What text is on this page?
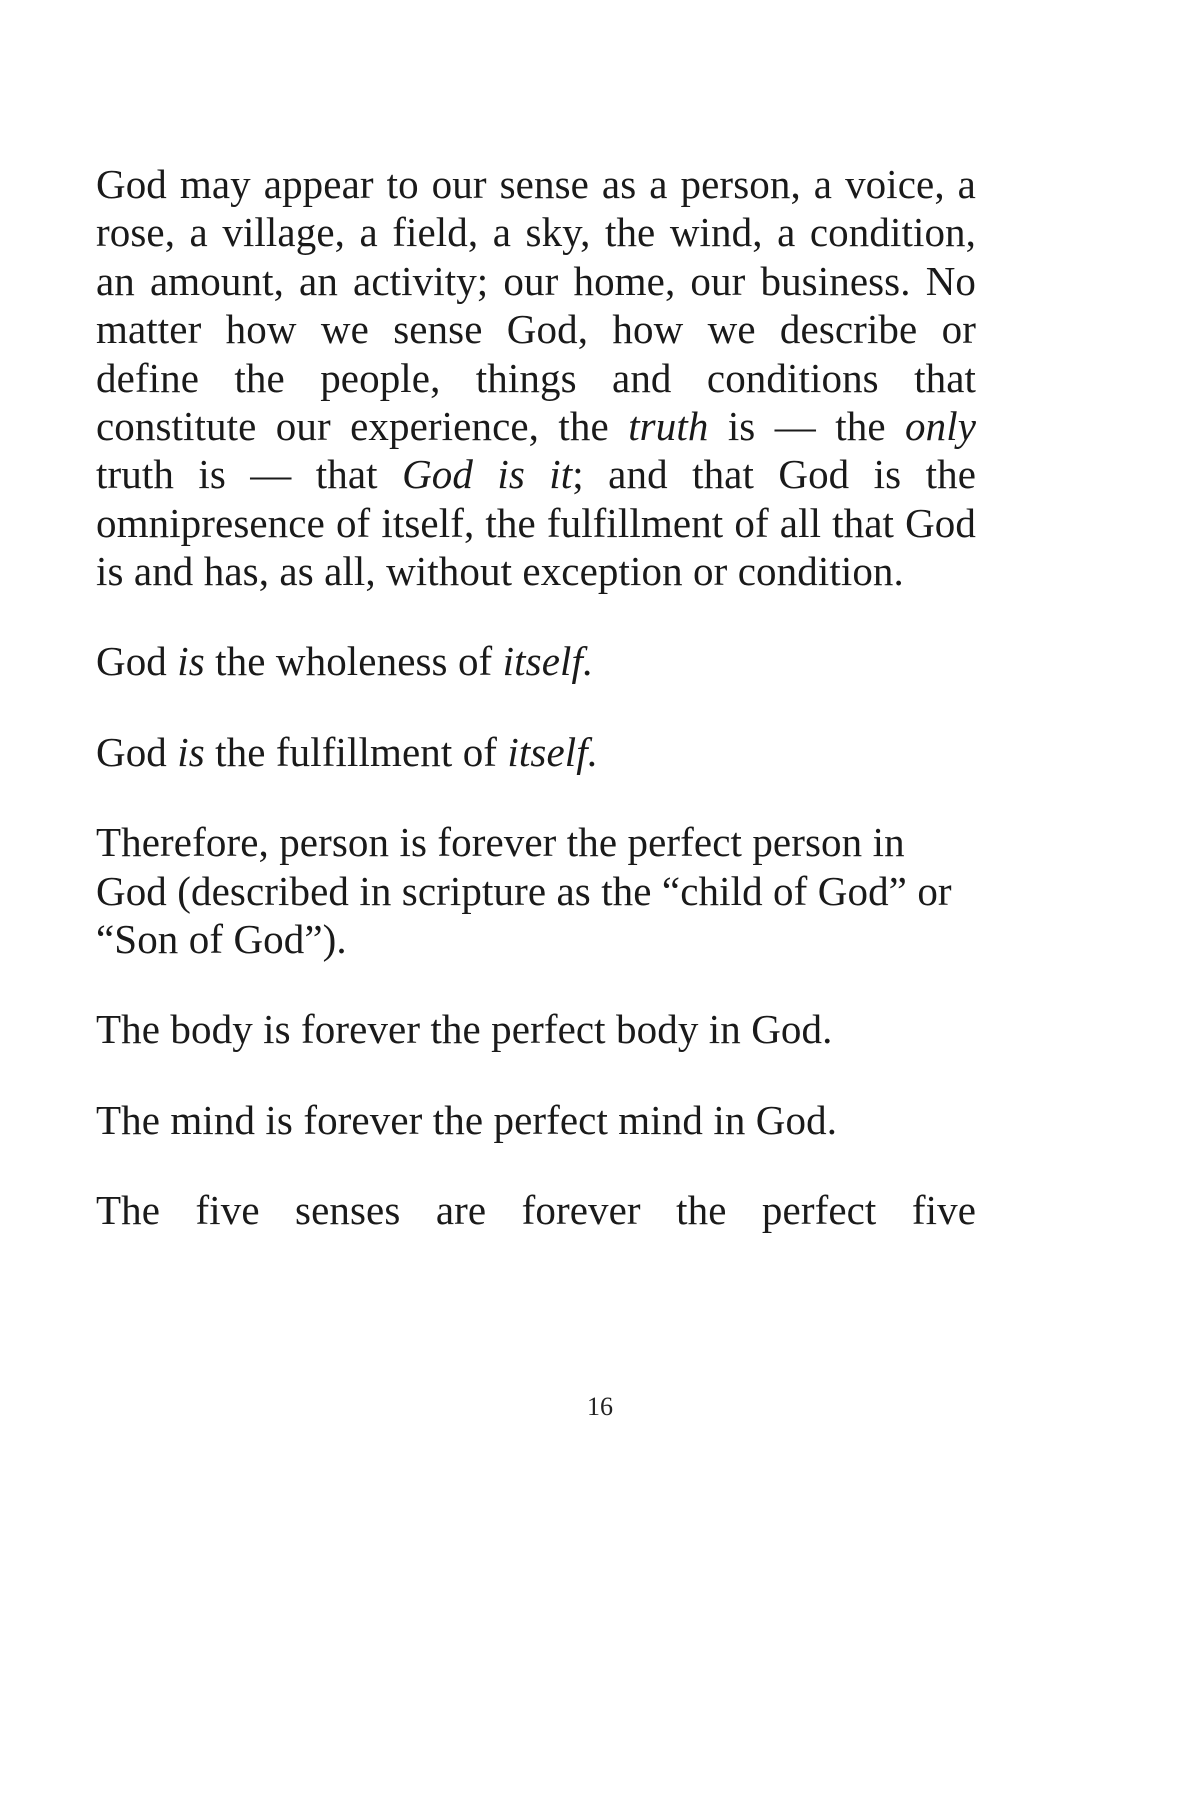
God may appear to our sense as a person, a voice, a rose, a village, a field, a sky, the wind, a condition, an amount, an activity; our home, our business. No matter how we sense God, how we describe or define the people, things and conditions that constitute our experience, the truth is — the only truth is — that God is it; and that God is the omnipresence of itself, the fulfillment of all that God is and has, as all, without exception or condition.

God is the wholeness of itself.

God is the fulfillment of itself.

Therefore, person is forever the perfect person in God (described in scripture as the “child of God” or “Son of God”).

The body is forever the perfect body in God.

The mind is forever the perfect mind in God.

The five senses are forever the perfect five

16
